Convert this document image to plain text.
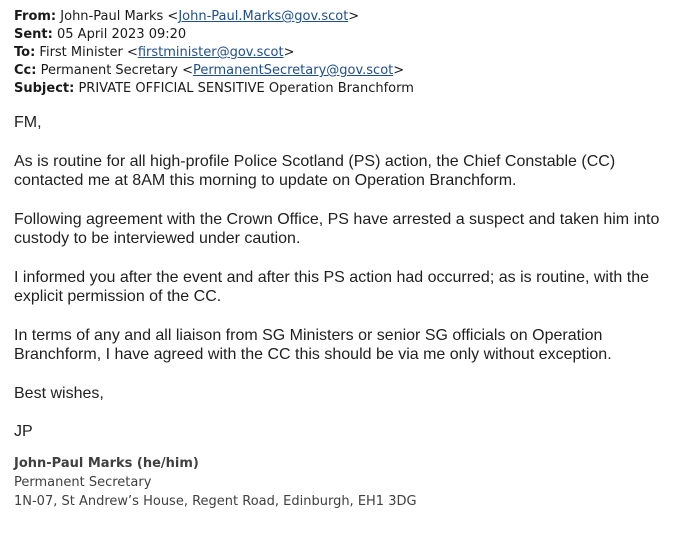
From: John-Paul Marks <John-Paul.Marks@gov.scot>
Sent: 05 April 2023 09:20
To: First Minister <firstminister@gov.scot>
Cc: Permanent Secretary <PermanentSecretary@gov.scot>
Subject: PRIVATE OFFICIAL SENSITIVE Operation Branchform

FM,

As is routine for all high-profile Police Scotland (PS) action, the Chief Constable (CC) contacted me at 8AM this morning to update on Operation Branchform.

Following agreement with the Crown Office, PS have arrested a suspect and taken him into custody to be interviewed under caution.

I informed you after the event and after this PS action had occurred; as is routine, with the explicit permission of the CC.

In terms of any and all liaison from SG Ministers or senior SG officials on Operation Branchform, I have agreed with the CC this should be via me only without exception.

Best wishes,

JP

John-Paul Marks (he/him)
Permanent Secretary
1N-07, St Andrew’s House, Regent Road, Edinburgh, EH1 3DG
